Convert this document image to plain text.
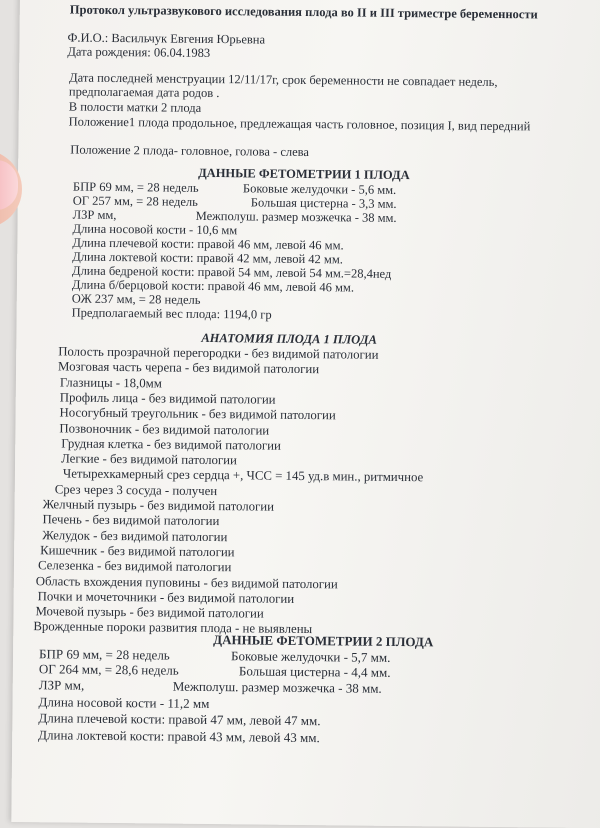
Протокол ультразвукового исследования плода во II и III триместре беременности
Ф.И.О.: Васильчук Евгения Юрьевна
Дата рождения: 06.04.1983
Дата последней менструации 12/11/17г, срок беременности не совпадает недель,
предполагаемая дата родов .
В полости матки 2 плода
Положение1 плода продольное, предлежащая часть головное, позиция I, вид передний
Положение 2 плода- головное, голова - слева
ДАННЫЕ ФЕТОМЕТРИИ 1 ПЛОДА
БПР 69 мм, = 28 недель	Боковые желудочки - 5,6 мм.
ОГ 257 мм, = 28 недель	Большая цистерна - 3,3 мм.
ЛЗР мм,	Межполуш. размер мозжечка - 38 мм.
Длина носовой кости - 10,6 мм
Длина плечевой кости: правой 46 мм, левой 46 мм.
Длина локтевой кости: правой 42 мм, левой 42 мм.
Длина бедреной кости: правой 54 мм, левой 54 мм.=28,4нед
Длина б/берцовой кости: правой 46 мм, левой 46 мм.
ОЖ 237 мм, = 28 недель
Предполагаемый вес плода: 1194,0 гр
АНАТОМИЯ ПЛОДА 1 ПЛОДА
Полость прозрачной перегородки - без видимой патологии
Мозговая часть черепа - без видимой патологии
Глазницы - 18,0мм
Профиль лица - без видимой патологии
Носогубный треугольник - без видимой патологии
Позвоночник - без видимой патологии
Грудная клетка - без видимой патологии
Легкие - без видимой патологии
Четырехкамерный срез сердца +, ЧСС = 145 уд.в мин., ритмичное
Срез через 3 сосуда - получен
Желчный пузырь - без видимой патологии
Печень - без видимой патологии
Желудок - без видимой патологии
Кишечник - без видимой патологии
Селезенка - без видимой патологии
Область вхождения пуповины - без видимой патологии
Почки и мочеточники - без видимой патологии
Мочевой пузырь - без видимой патологии
Врожденные пороки развития плода - не выявлены
ДАННЫЕ ФЕТОМЕТРИИ 2 ПЛОДА
БПР 69 мм, = 28 недель	Боковые желудочки - 5,7 мм.
ОГ 264 мм, = 28,6 недель	Большая цистерна - 4,4 мм.
ЛЗР мм,	Межполуш. размер мозжечка - 38 мм.
Длина носовой кости - 11,2 мм
Длина плечевой кости: правой 47 мм, левой 47 мм.
Длина локтевой кости: правой 43 мм, левой 43 мм.
